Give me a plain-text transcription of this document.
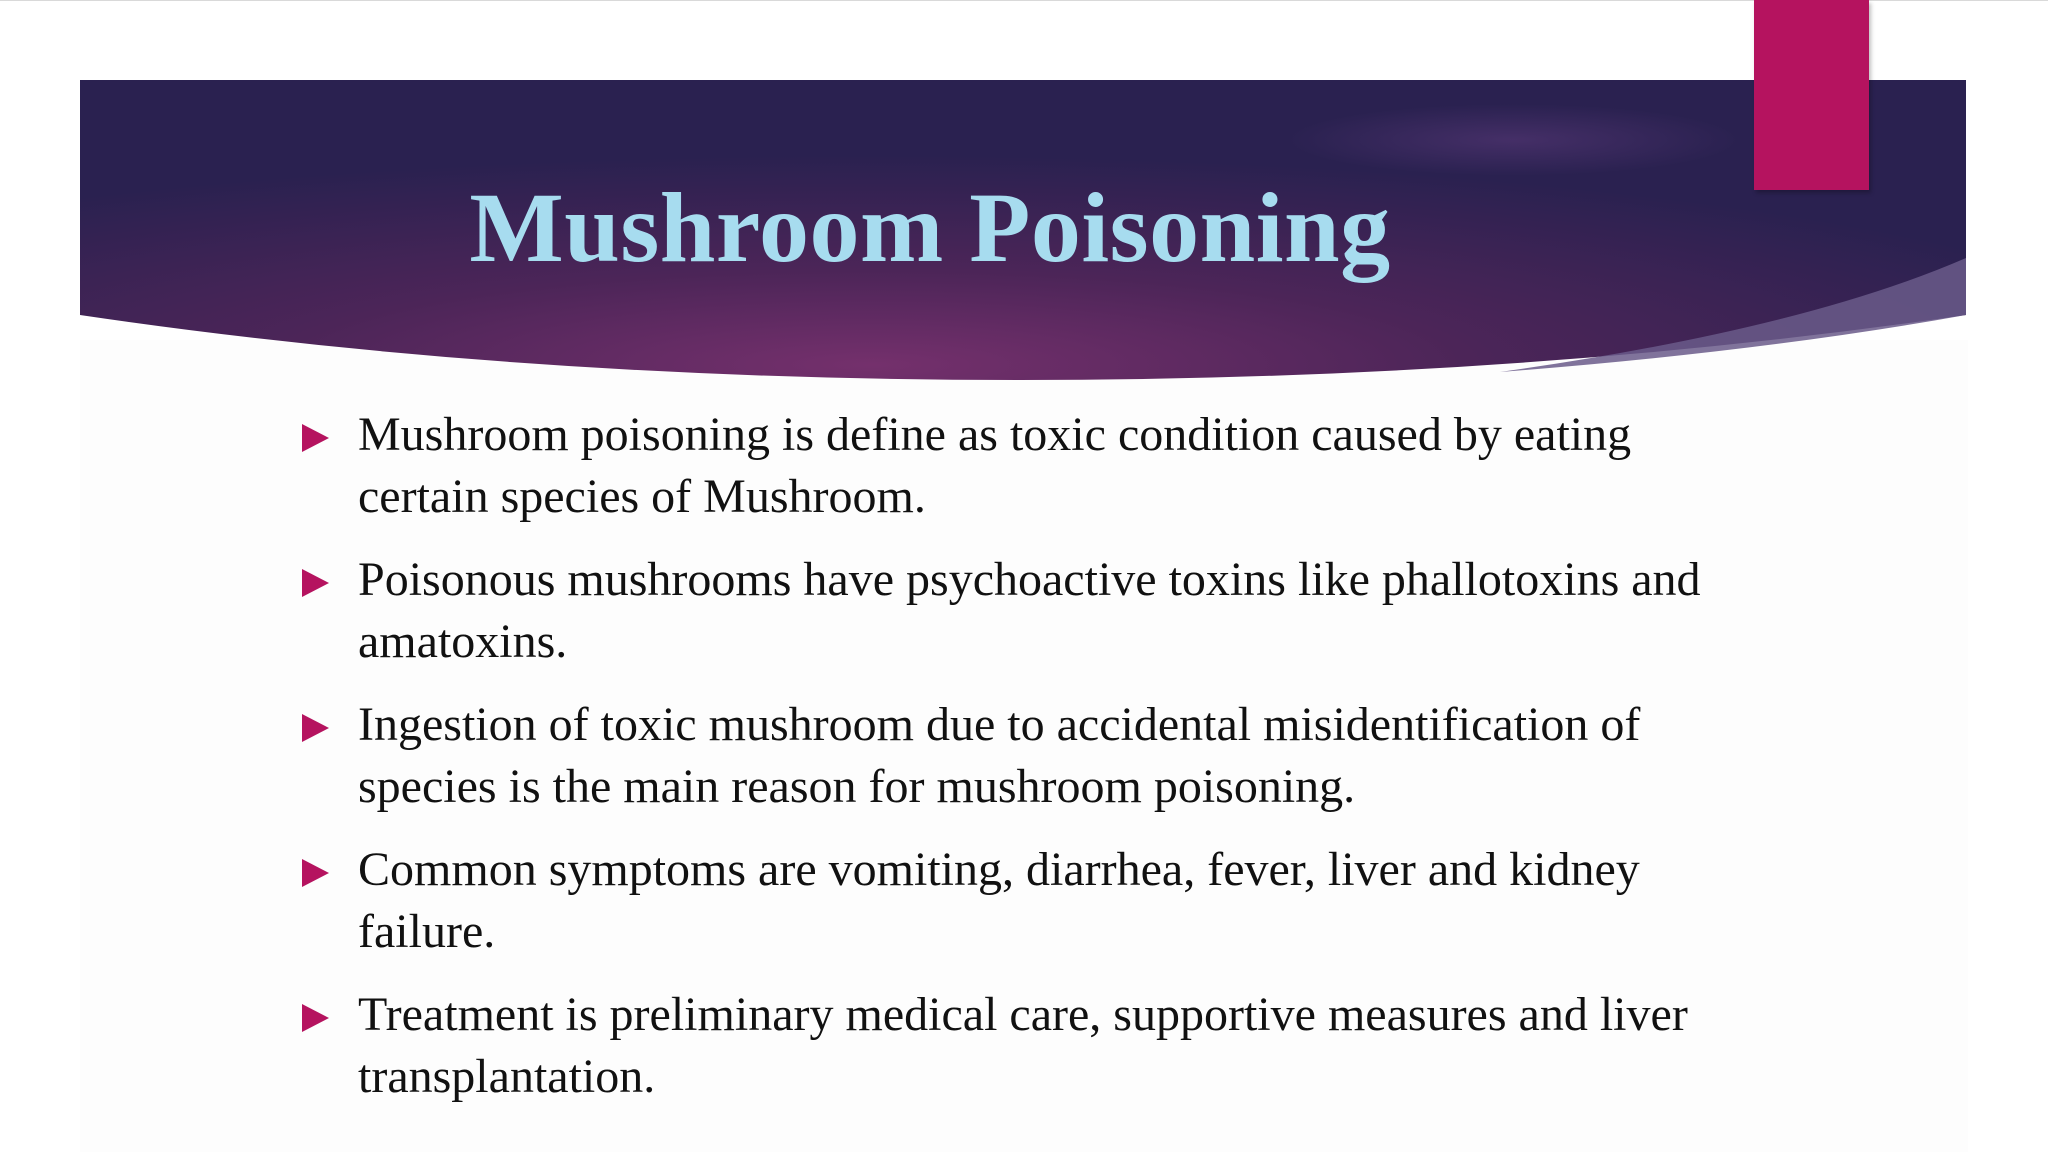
Mushroom Poisoning
Mushroom poisoning is define as toxic condition caused by eating certain species of Mushroom.
Poisonous mushrooms have psychoactive toxins like phallotoxins and amatoxins.
Ingestion of toxic mushroom due to accidental misidentification of species is the main reason for mushroom poisoning.
Common symptoms are vomiting, diarrhea, fever, liver and kidney failure.
Treatment is preliminary medical care, supportive measures and liver transplantation.
